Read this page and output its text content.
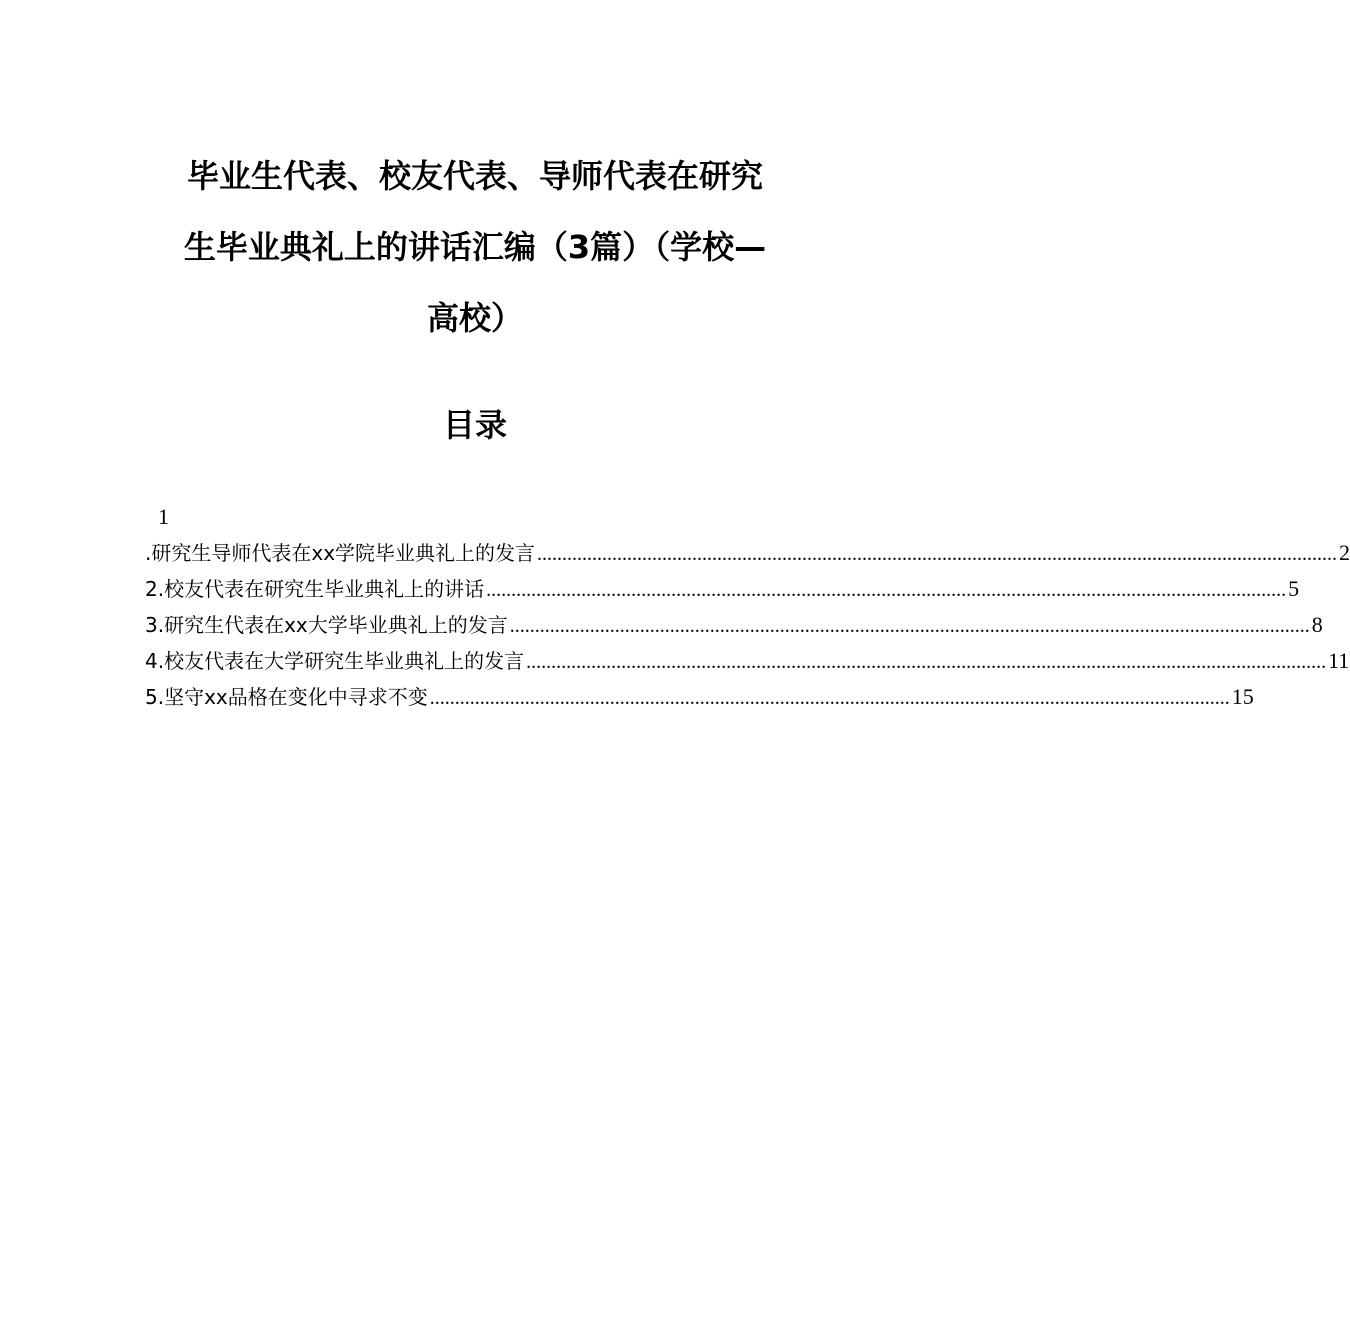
毕业生代表、校友代表、导师代表在研究
生毕业典礼上的讲话汇编（3篇）（学校—
高校）
目录
1
.研究生导师代表在xx学院毕业典礼上的发言 ................................................................................................................................................................ 2
2.校友代表在研究生毕业典礼上的讲话 ................................................................................................................................................................ 5
3.研究生代表在xx大学毕业典礼上的发言 ................................................................................................................................................................ 8
4.校友代表在大学研究生毕业典礼上的发言 ................................................................................................................................................................ 11
5.坚守xx品格在变化中寻求不变 ................................................................................................................................................................ 15
